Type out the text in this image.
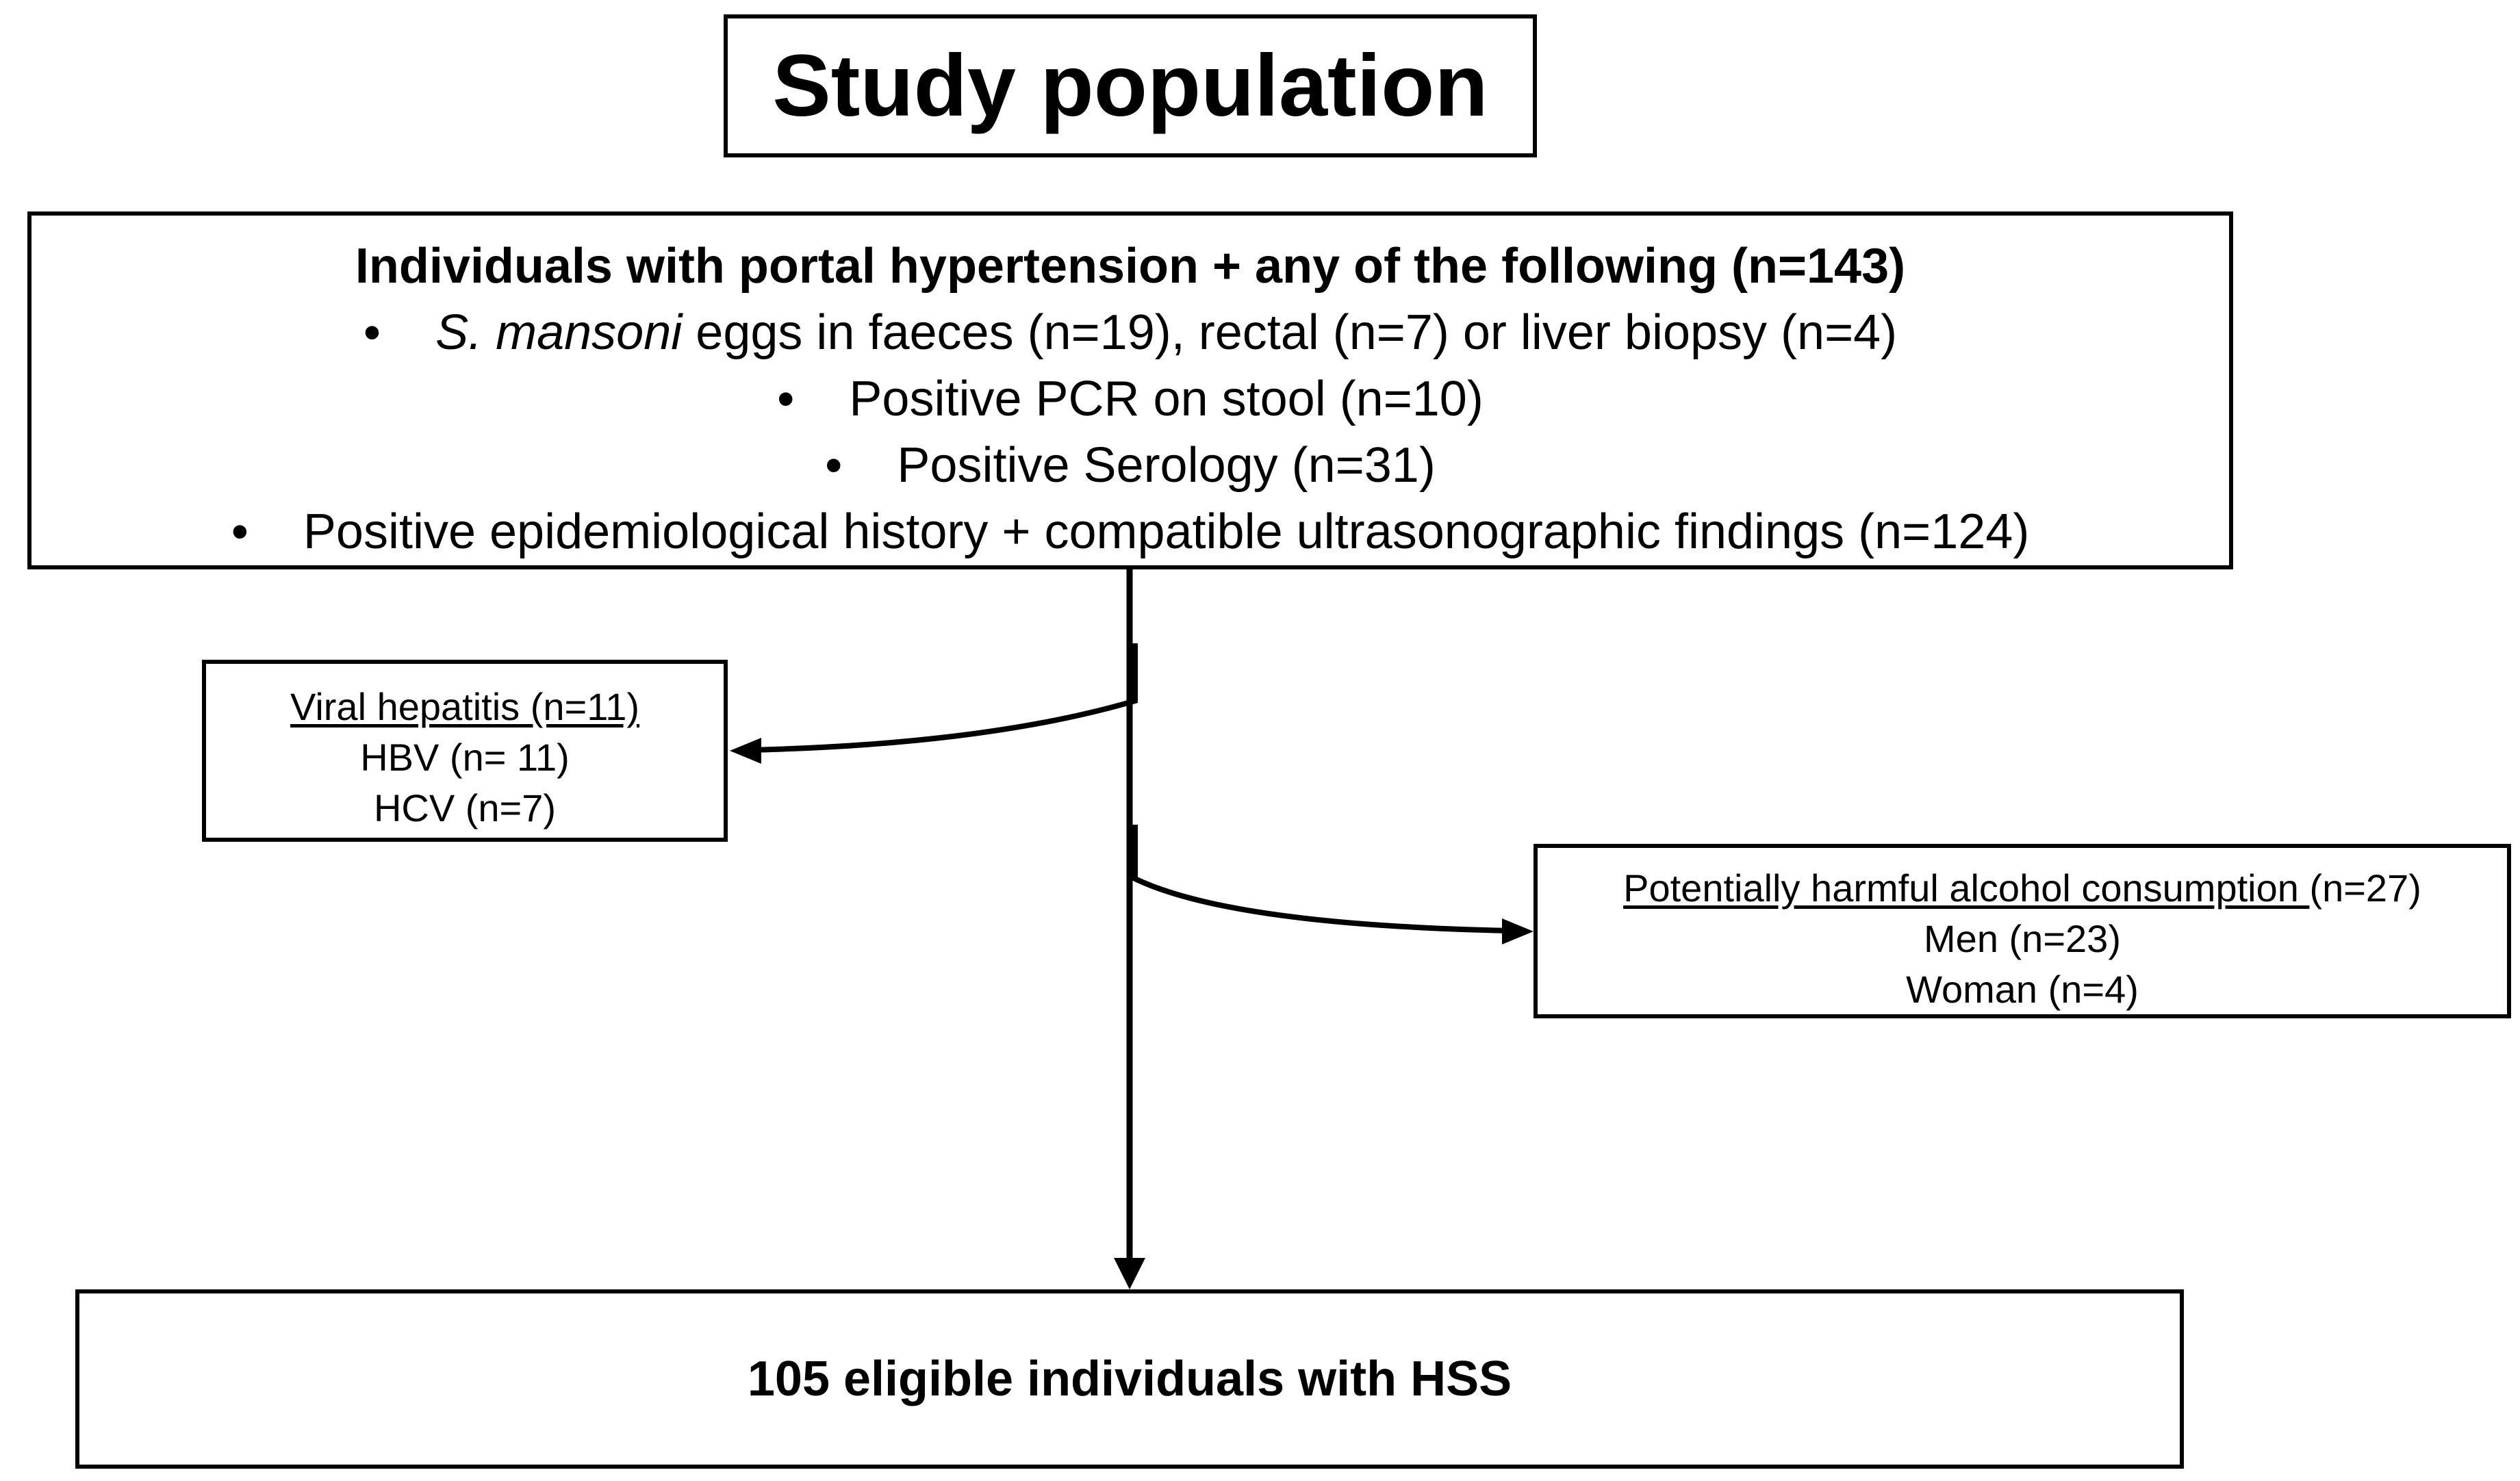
Study population
Individuals with portal hypertension + any of the following (n=143)
• S. mansoni eggs in faeces (n=19), rectal (n=7) or liver biopsy (n=4)
• Positive PCR on stool (n=10)
• Positive Serology (n=31)
• Positive epidemiological history + compatible ultrasonographic findings (n=124)
Viral hepatitis (n=11)
HBV (n= 11)
HCV (n=7)
Potentially harmful alcohol consumption (n=27)
Men (n=23)
Woman (n=4)
105 eligible individuals with HSS
